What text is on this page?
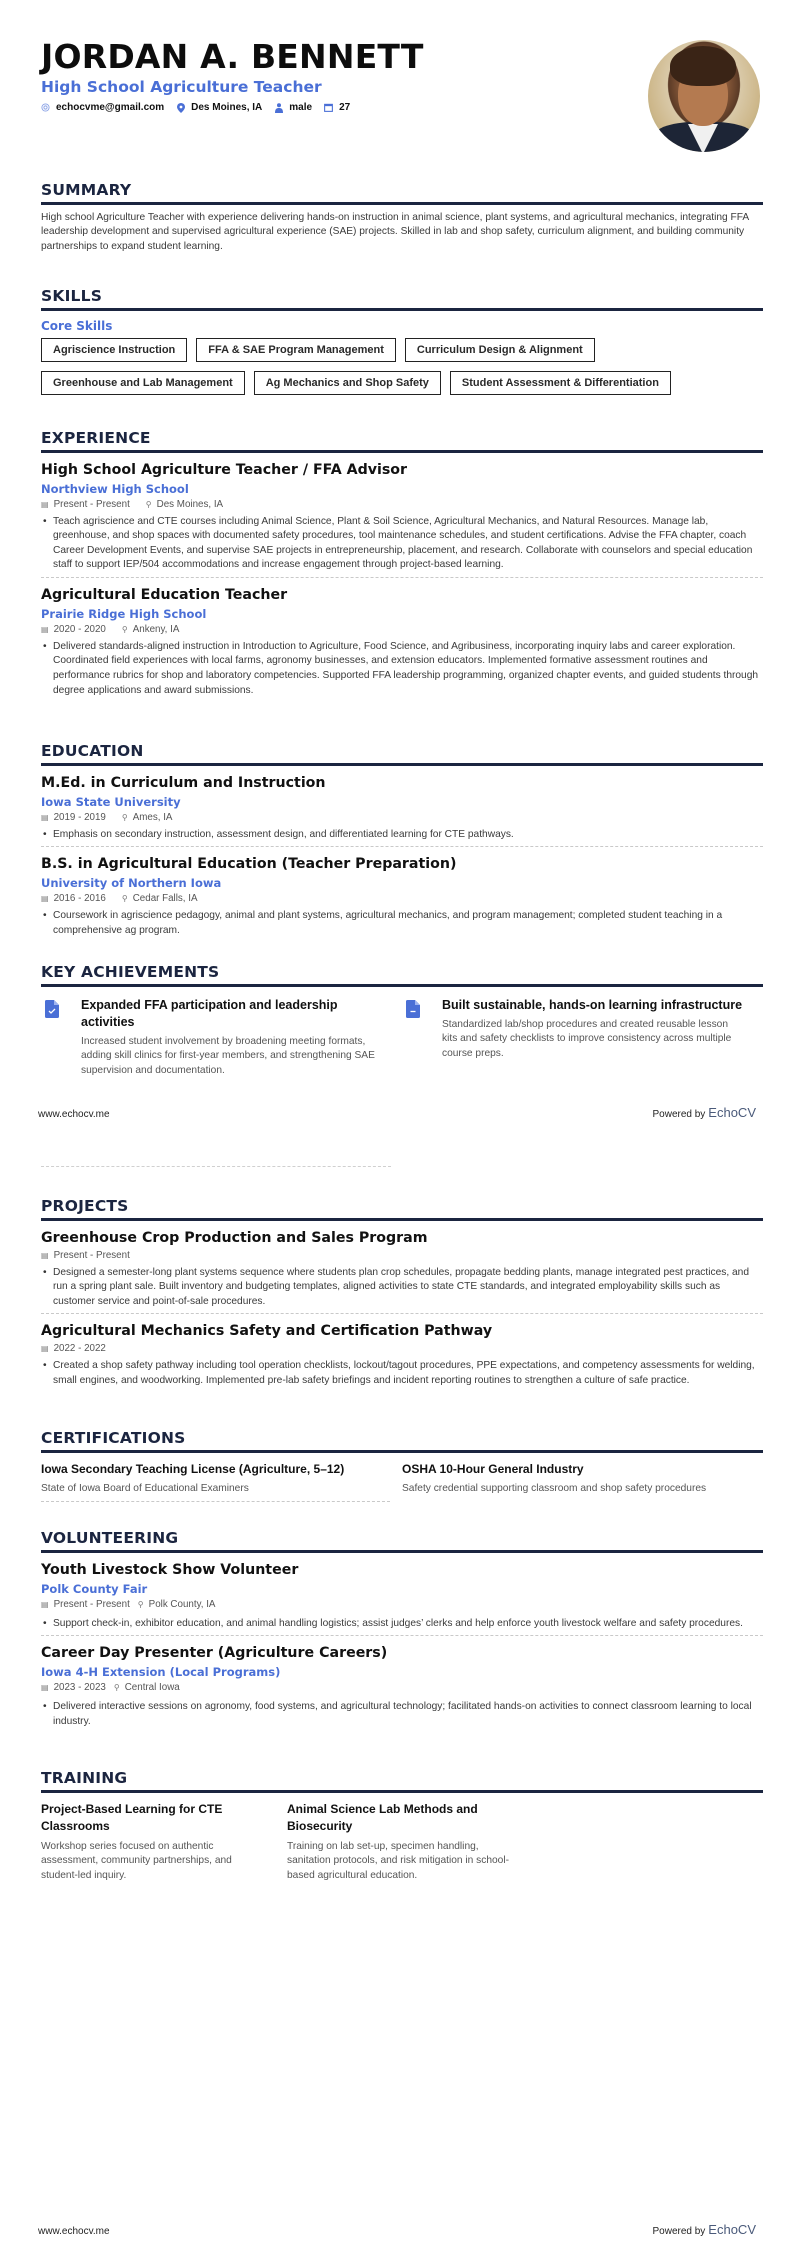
JORDAN A. BENNETT
High School Agriculture Teacher
echocvme@gmail.com	Des Moines, IA	male	27
SUMMARY
High school Agriculture Teacher with experience delivering hands-on instruction in animal science, plant systems, and agricultural mechanics, integrating FFA leadership development and supervised agricultural experience (SAE) projects. Skilled in lab and shop safety, curriculum alignment, and building community partnerships to expand student learning.
SKILLS
Core Skills
Agriscience Instruction	FFA & SAE Program Management	Curriculum Design & Alignment
Greenhouse and Lab Management	Ag Mechanics and Shop Safety	Student Assessment & Differentiation
EXPERIENCE
High School Agriculture Teacher / FFA Advisor
Northview High School
▤ Present - Present ⚲ Des Moines, IA
• Teach agriscience and CTE courses including Animal Science, Plant & Soil Science, Agricultural Mechanics, and Natural Resources. Manage lab, greenhouse, and shop spaces with documented safety procedures, tool maintenance schedules, and student certifications. Advise the FFA chapter, coach Career Development Events, and supervise SAE projects in entrepreneurship, placement, and research. Collaborate with counselors and special education staff to support IEP/504 accommodations and increase engagement through project-based learning.
Agricultural Education Teacher
Prairie Ridge High School
▤ 2020 - 2020 ⚲ Ankeny, IA
• Delivered standards-aligned instruction in Introduction to Agriculture, Food Science, and Agribusiness, incorporating inquiry labs and career exploration. Coordinated field experiences with local farms, agronomy businesses, and extension educators. Implemented formative assessment routines and performance rubrics for shop and laboratory competencies. Supported FFA leadership programming, organized chapter events, and guided students through degree applications and award submissions.
EDUCATION
M.Ed. in Curriculum and Instruction
Iowa State University
▤ 2019 - 2019 ⚲ Ames, IA
• Emphasis on secondary instruction, assessment design, and differentiated learning for CTE pathways.
B.S. in Agricultural Education (Teacher Preparation)
University of Northern Iowa
▤ 2016 - 2016 ⚲ Cedar Falls, IA
• Coursework in agriscience pedagogy, animal and plant systems, agricultural mechanics, and program management; completed student teaching in a comprehensive ag program.
KEY ACHIEVEMENTS
Expanded FFA participation and leadership activities
Increased student involvement by broadening meeting formats, adding skill clinics for first-year members, and strengthening SAE supervision and documentation.
Built sustainable, hands-on learning infrastructure
Standardized lab/shop procedures and created reusable lesson kits and safety checklists to improve consistency across multiple course preps.
www.echocv.me	Powered by EchoCV
PROJECTS
Greenhouse Crop Production and Sales Program
▤ Present - Present
• Designed a semester-long plant systems sequence where students plan crop schedules, propagate bedding plants, manage integrated pest practices, and run a spring plant sale. Built inventory and budgeting templates, aligned activities to state CTE standards, and integrated employability skills such as customer service and point-of-sale procedures.
Agricultural Mechanics Safety and Certification Pathway
▤ 2022 - 2022
• Created a shop safety pathway including tool operation checklists, lockout/tagout procedures, PPE expectations, and competency assessments for welding, small engines, and woodworking. Implemented pre-lab safety briefings and incident reporting routines to strengthen a culture of safe practice.
CERTIFICATIONS
Iowa Secondary Teaching License (Agriculture, 5–12)
State of Iowa Board of Educational Examiners
OSHA 10-Hour General Industry
Safety credential supporting classroom and shop safety procedures
VOLUNTEERING
Youth Livestock Show Volunteer
Polk County Fair
▤ Present - Present ⚲ Polk County, IA
• Support check-in, exhibitor education, and animal handling logistics; assist judges’ clerks and help enforce youth livestock welfare and safety procedures.
Career Day Presenter (Agriculture Careers)
Iowa 4-H Extension (Local Programs)
▤ 2023 - 2023 ⚲ Central Iowa
• Delivered interactive sessions on agronomy, food systems, and agricultural technology; facilitated hands-on activities to connect classroom learning to local industry.
TRAINING
Project-Based Learning for CTE Classrooms
Workshop series focused on authentic assessment, community partnerships, and student-led inquiry.
Animal Science Lab Methods and Biosecurity
Training on lab set-up, specimen handling, sanitation protocols, and risk mitigation in school-based agricultural education.
www.echocv.me	Powered by EchoCV
